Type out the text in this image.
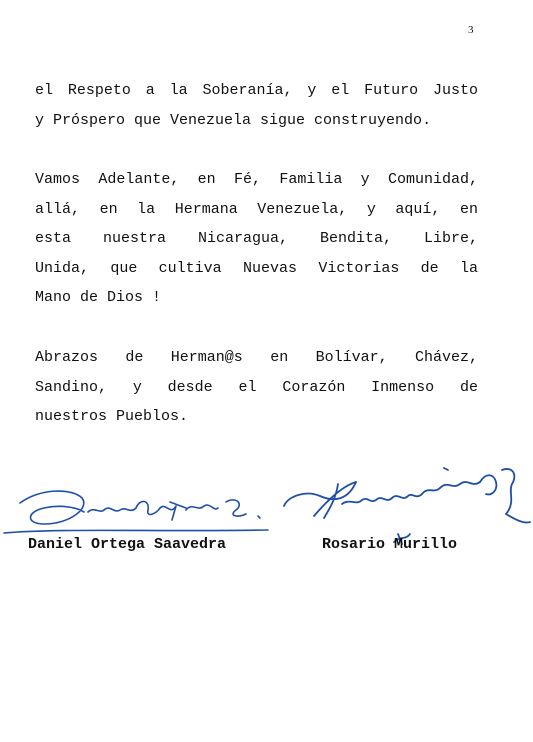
3
el Respeto a la Soberanía, y el Futuro Justo
y Próspero que Venezuela sigue construyendo.
Vamos Adelante, en Fé, Familia y Comunidad,
allá, en la Hermana Venezuela, y aquí, en
esta nuestra Nicaragua, Bendita, Libre,
Unida, que cultiva Nuevas Victorias de la
Mano de Dios !
Abrazos de Herman@s en Bolívar, Chávez,
Sandino, y desde el Corazón Inmenso de
nuestros Pueblos.
Daniel Ortega Saavedra	Rosario Murillo
